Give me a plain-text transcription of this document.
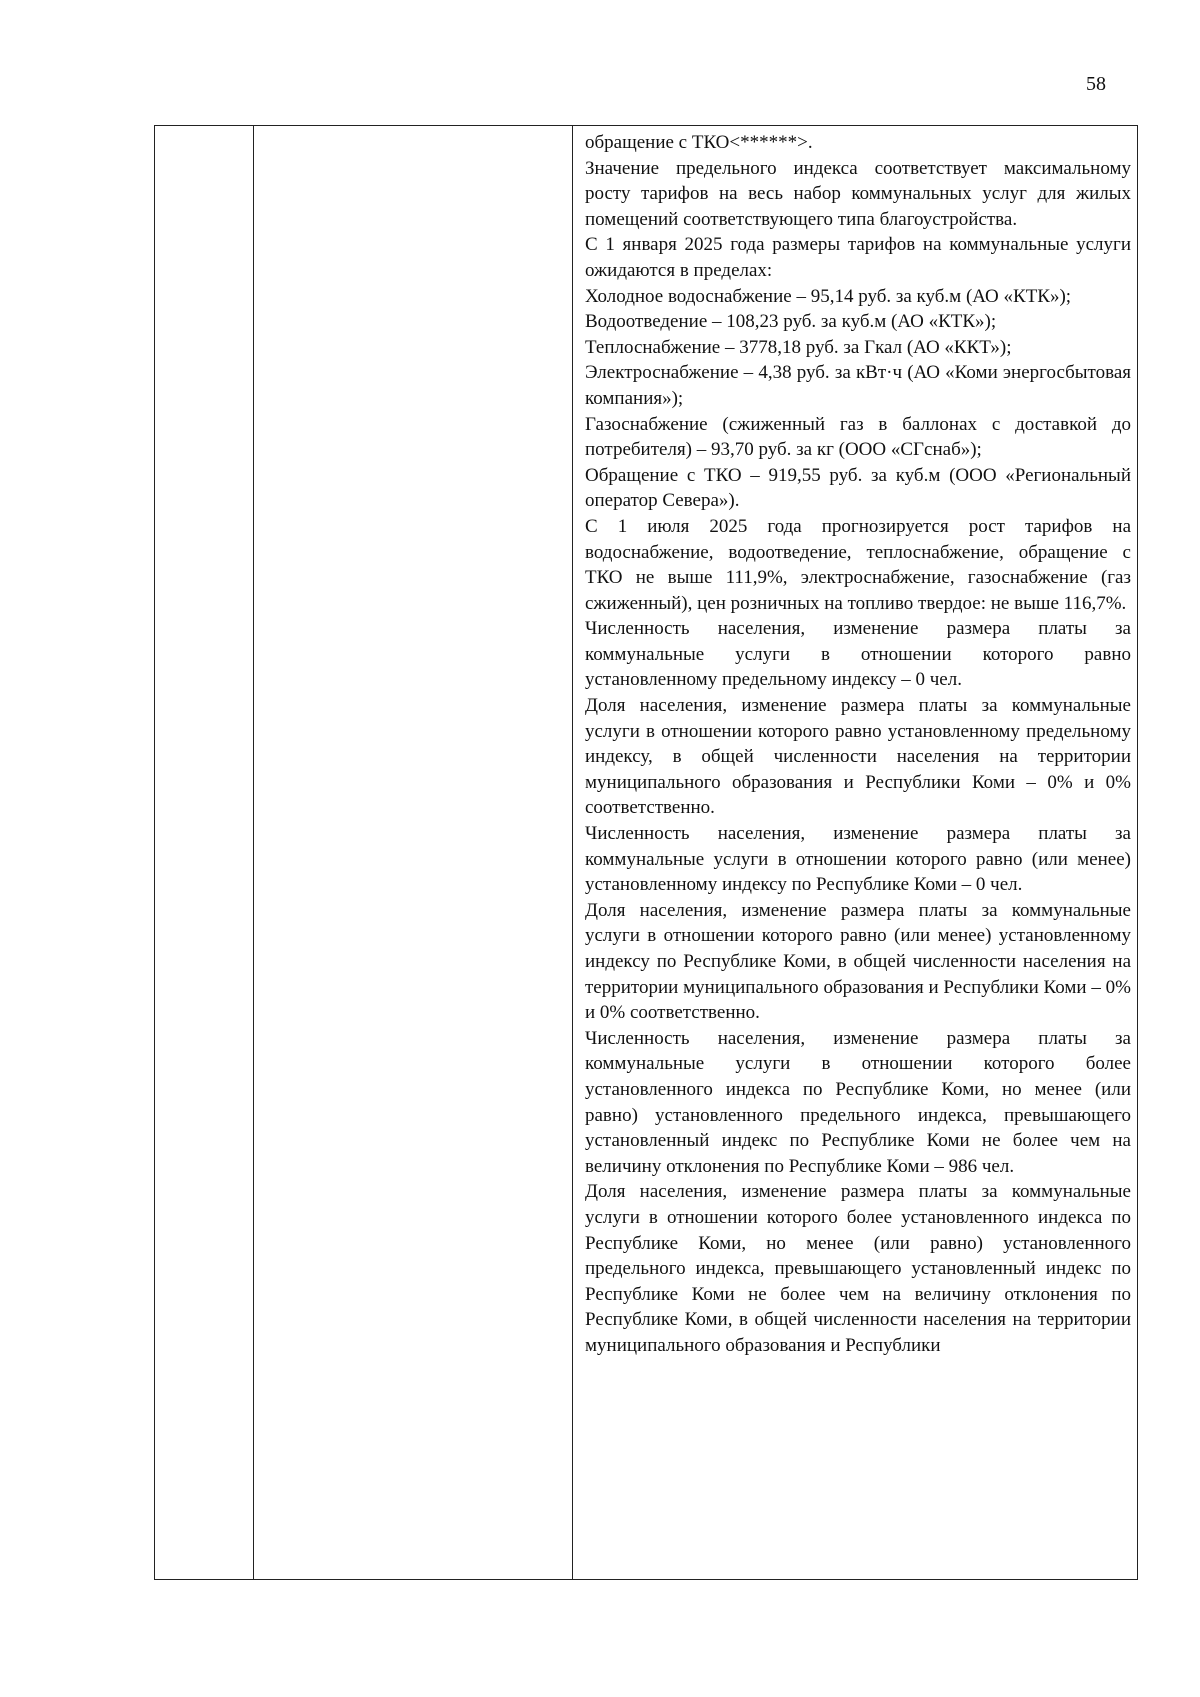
58

обращение с ТКО<******>.

Значение предельного индекса соответствует максимальному росту тарифов на весь набор коммунальных услуг для жилых помещений соответствующего типа благоустройства.

С 1 января 2025 года размеры тарифов на коммунальные услуги ожидаются в пределах:

Холодное водоснабжение – 95,14 руб. за куб.м (АО «КТК»);

Водоотведение – 108,23 руб. за куб.м (АО «КТК»);

Теплоснабжение – 3778,18 руб. за Гкал (АО «ККТ»);

Электроснабжение – 4,38 руб. за кВт·ч (АО «Коми энергосбытовая компания»);

Газоснабжение (сжиженный газ в баллонах с доставкой до потребителя) – 93,70 руб. за кг (ООО «СГснаб»);

Обращение с ТКО – 919,55 руб. за куб.м (ООО «Региональный оператор Севера»).

С 1 июля 2025 года прогнозируется рост тарифов на водоснабжение, водоотведение, теплоснабжение, обращение с ТКО не выше 111,9%, электроснабжение, газоснабжение (газ сжиженный), цен розничных на топливо твердое: не выше 116,7%.

Численность населения, изменение размера платы за коммунальные услуги в отношении которого равно установленному предельному индексу – 0 чел.

Доля населения, изменение размера платы за коммунальные услуги в отношении которого равно установленному предельному индексу, в общей численности населения на территории муниципального образования и Республики Коми – 0% и 0% соответственно.

Численность населения, изменение размера платы за коммунальные услуги в отношении которого равно (или менее) установленному индексу по Республике Коми – 0 чел.

Доля населения, изменение размера платы за коммунальные услуги в отношении которого равно (или менее) установленному индексу по Республике Коми, в общей численности населения на территории муниципального образования и Республики Коми – 0% и 0% соответственно.

Численность населения, изменение размера платы за коммунальные услуги в отношении которого более установленного индекса по Республике Коми, но менее (или равно) установленного предельного индекса, превышающего установленный индекс по Республике Коми не более чем на величину отклонения по Республике Коми – 986 чел.

Доля населения, изменение размера платы за коммунальные услуги в отношении которого более установленного индекса по Республике Коми, но менее (или равно) установленного предельного индекса, превышающего установленный индекс по Республике Коми не более чем на величину отклонения по Республике Коми, в общей численности населения на территории муниципального образования и Республики
